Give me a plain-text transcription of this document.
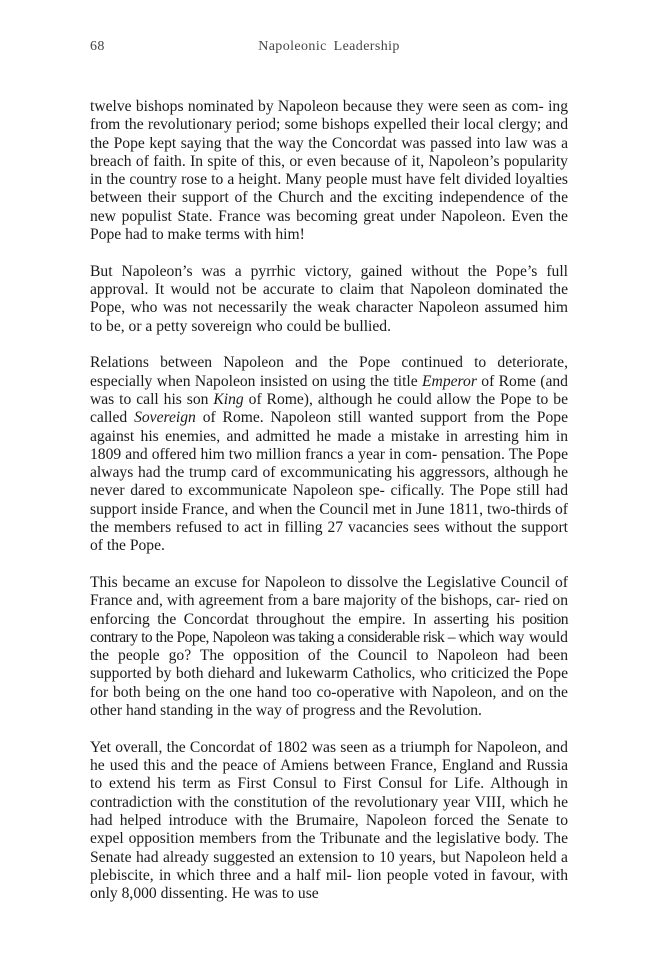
68	Napoleonic Leadership

twelve bishops nominated by Napoleon because they were seen as com- ing from the revolutionary period; some bishops expelled their local clergy; and the Pope kept saying that the way the Concordat was passed into law was a breach of faith. In spite of this, or even because of it, Napoleon’s popularity in the country rose to a height. Many people must have felt divided loyalties between their support of the Church and the exciting independence of the new populist State. France was becoming great under Napoleon. Even the Pope had to make terms with him!

But Napoleon’s was a pyrrhic victory, gained without the Pope’s full approval. It would not be accurate to claim that Napoleon dominated the Pope, who was not necessarily the weak character Napoleon assumed him to be, or a petty sovereign who could be bullied.

Relations between Napoleon and the Pope continued to deteriorate, especially when Napoleon insisted on using the title Emperor of Rome (and was to call his son King of Rome), although he could allow the Pope to be called Sovereign of Rome. Napoleon still wanted support from the Pope against his enemies, and admitted he made a mistake in arresting him in 1809 and offered him two million francs a year in com- pensation. The Pope always had the trump card of excommunicating his aggressors, although he never dared to excommunicate Napoleon spe- cifically. The Pope still had support inside France, and when the Council met in June 1811, two-thirds of the members refused to act in filling 27 vacancies sees without the support of the Pope.

This became an excuse for Napoleon to dissolve the Legislative Council of France and, with agreement from a bare majority of the bishops, car- ried on enforcing the Concordat throughout the empire. In asserting his position contrary to the Pope, Napoleon was taking a considerable risk – which way would the people go? The opposition of the Council to Napoleon had been supported by both diehard and lukewarm Catholics, who criticized the Pope for both being on the one hand too co-operative with Napoleon, and on the other hand standing in the way of progress and the Revolution.

Yet overall, the Concordat of 1802 was seen as a triumph for Napoleon, and he used this and the peace of Amiens between France, England and Russia to extend his term as First Consul to First Consul for Life. Although in contradiction with the constitution of the revolutionary year VIII, which he had helped introduce with the Brumaire, Napoleon forced the Senate to expel opposition members from the Tribunate and the legislative body. The Senate had already suggested an extension to 10 years, but Napoleon held a plebiscite, in which three and a half mil- lion people voted in favour, with only 8,000 dissenting. He was to use
